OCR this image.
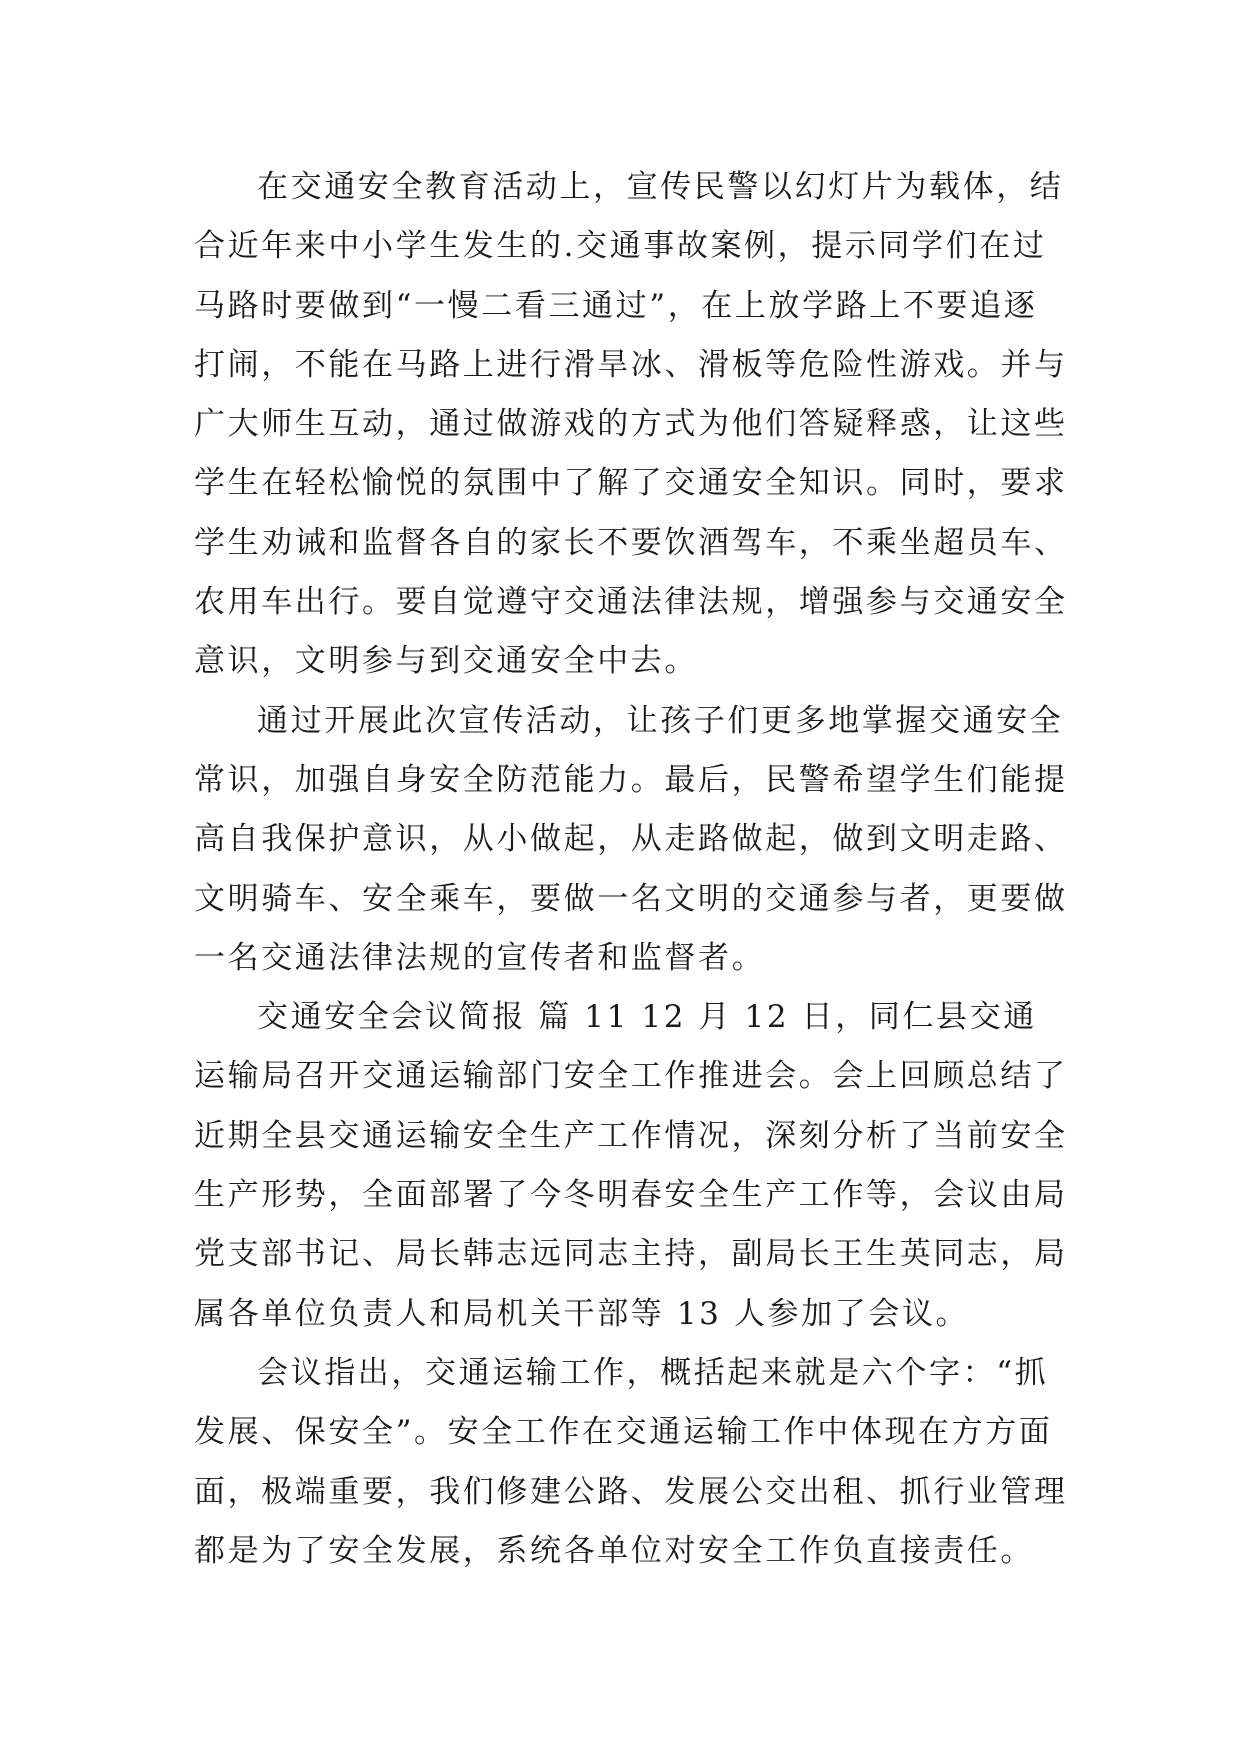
在交通安全教育活动上，宣传民警以幻灯片为载体，结
合近年来中小学生发生的.交通事故案例，提示同学们在过
马路时要做到“一慢二看三通过”，在上放学路上不要追逐
打闹，不能在马路上进行滑旱冰、滑板等危险性游戏。并与
广大师生互动，通过做游戏的方式为他们答疑释惑，让这些
学生在轻松愉悦的氛围中了解了交通安全知识。同时，要求
学生劝诫和监督各自的家长不要饮酒驾车，不乘坐超员车、
农用车出行。要自觉遵守交通法律法规，增强参与交通安全
意识，文明参与到交通安全中去。
通过开展此次宣传活动，让孩子们更多地掌握交通安全
常识，加强自身安全防范能力。最后，民警希望学生们能提
高自我保护意识，从小做起，从走路做起，做到文明走路、
文明骑车、安全乘车，要做一名文明的交通参与者，更要做
一名交通法律法规的宣传者和监督者。
交通安全会议简报 篇 11 12 月 12 日，同仁县交通
运输局召开交通运输部门安全工作推进会。会上回顾总结了
近期全县交通运输安全生产工作情况，深刻分析了当前安全
生产形势，全面部署了今冬明春安全生产工作等，会议由局
党支部书记、局长韩志远同志主持，副局长王生英同志，局
属各单位负责人和局机关干部等 13 人参加了会议。
会议指出，交通运输工作，概括起来就是六个字：“抓
发展、保安全”。安全工作在交通运输工作中体现在方方面
面，极端重要，我们修建公路、发展公交出租、抓行业管理
都是为了安全发展，系统各单位对安全工作负直接责任。
